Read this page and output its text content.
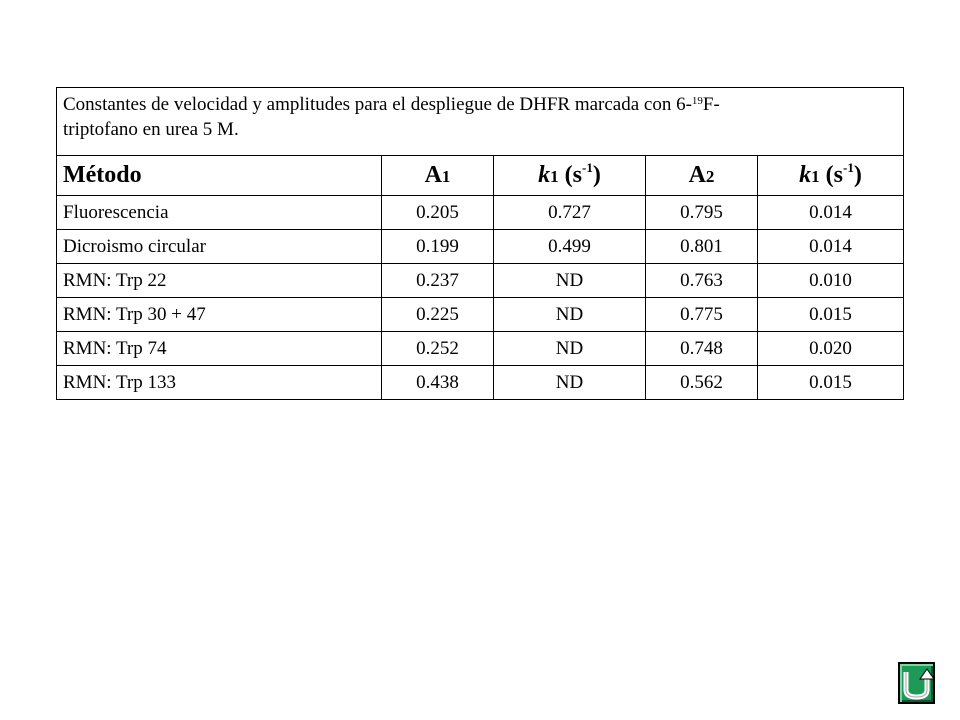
Constantes de velocidad y amplitudes para el despliegue de DHFR marcada con 6-$^{19}$F-
triptofano en urea 5 M.				
Método	A1	k1 $(s^{-1})$	A2	k1 $(s^{-1})$
Fluorescencia	0.205	0.727	0.795	0.014
Dicroismo circular	0.199	0.499	0.801	0.014
RMN: Trp 22	0.237	ND	0.763	0.010
RMN: Trp 30 + 47	0.225	ND	0.775	0.015
RMN: Trp 74	0.252	ND	0.748	0.020
RMN: Trp 133	0.438	ND	0.562	0.015
